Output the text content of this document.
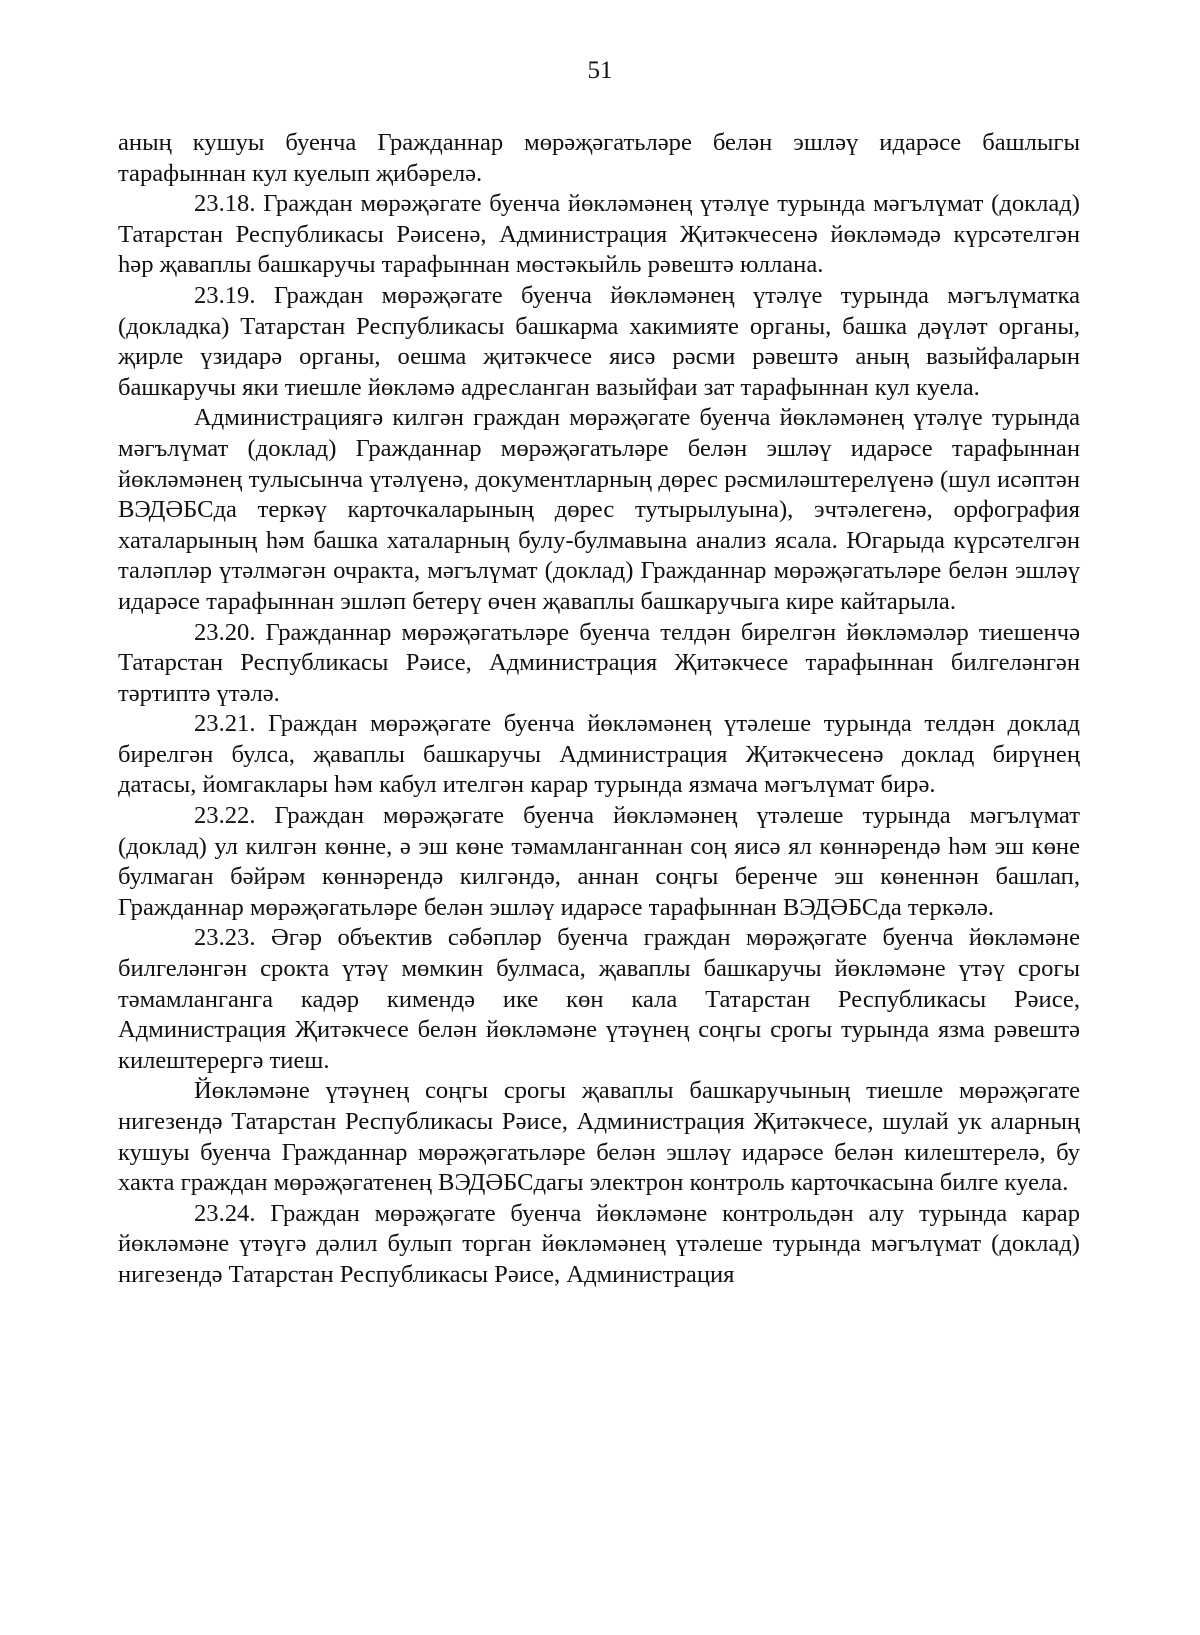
51

аның кушуы буенча Гражданнар мөрәҗәгатьләре белән эшләү идарәсе башлыгы тарафыннан кул куелып җибәрелә.

23.18. Граждан мөрәҗәгате буенча йөкләмәнең үтәлүе турында мәгълүмат (доклад) Татарстан Республикасы Рәисенә, Администрация Җитәкчесенә йөкләмәдә күрсәтелгән һәр җаваплы башкаручы тарафыннан мөстәкыйль рәвештә юллана.

23.19. Граждан мөрәҗәгате буенча йөкләмәнең үтәлүе турында мәгълүматка (докладка) Татарстан Республикасы башкарма хакимияте органы, башка дәүләт органы, җирле үзидарә органы, оешма җитәкчесе яисә рәсми рәвештә аның вазыйфаларын башкаручы яки тиешле йөкләмә адресланган вазыйфаи зат тарафыннан кул куела.

Администрациягә килгән граждан мөрәҗәгате буенча йөкләмәнең үтәлүе турында мәгълүмат (доклад) Гражданнар мөрәҗәгатьләре белән эшләү идарәсе тарафыннан йөкләмәнең тулысынча үтәлүенә, документларның дөрес рәсмиләштерелүенә (шул исәптән ВЭДӘБСда теркәү карточкаларының дөрес тутырылуына), эчтәлегенә, орфография хаталарының һәм башка хаталарның булу-булмавына анализ ясала. Югарыда күрсәтелгән таләпләр үтәлмәгән очракта, мәгълүмат (доклад) Гражданнар мөрәҗәгатьләре белән эшләү идарәсе тарафыннан эшләп бетерү өчен җаваплы башкаручыга кире кайтарыла.

23.20. Гражданнар мөрәҗәгатьләре буенча телдән бирелгән йөкләмәләр тиешенчә Татарстан Республикасы Рәисе, Администрация Җитәкчесе тарафыннан билгеләнгән тәртиптә үтәлә.

23.21. Граждан мөрәҗәгате буенча йөкләмәнең үтәлеше турында телдән доклад бирелгән булса, җаваплы башкаручы Администрация Җитәкчесенә доклад бирүнең датасы, йомгаклары һәм кабул ителгән карар турында язмача мәгълүмат бирә.

23.22. Граждан мөрәҗәгате буенча йөкләмәнең үтәлеше турында мәгълүмат (доклад) ул килгән көнне, ә эш көне тәмамланганнан соң яисә ял көннәрендә һәм эш көне булмаган бәйрәм көннәрендә килгәндә, аннан соңгы беренче эш көненнән башлап, Гражданнар мөрәҗәгатьләре белән эшләү идарәсе тарафыннан ВЭДӘБСда теркәлә.

23.23. Әгәр объектив сәбәпләр буенча граждан мөрәҗәгате буенча йөкләмәне билгеләнгән срокта үтәү мөмкин булмаса, җаваплы башкаручы йөкләмәне үтәү срогы тәмамланганга кадәр кимендә ике көн кала Татарстан Республикасы Рәисе, Администрация Җитәкчесе белән йөкләмәне үтәүнең соңгы срогы турында язма рәвештә килештерергә тиеш.

Йөкләмәне үтәүнең соңгы срогы җаваплы башкаручының тиешле мөрәҗәгате нигезендә Татарстан Республикасы Рәисе, Администрация Җитәкчесе, шулай ук аларның кушуы буенча Гражданнар мөрәҗәгатьләре белән эшләү идарәсе белән килештерелә, бу хакта граждан мөрәҗәгатенең ВЭДӘБСдагы электрон контроль карточкасына билге куела.

23.24. Граждан мөрәҗәгате буенча йөкләмәне контрольдән алу турында карар йөкләмәне үтәүгә дәлил булып торган йөкләмәнең үтәлеше турында мәгълүмат (доклад) нигезендә Татарстан Республикасы Рәисе, Администрация
